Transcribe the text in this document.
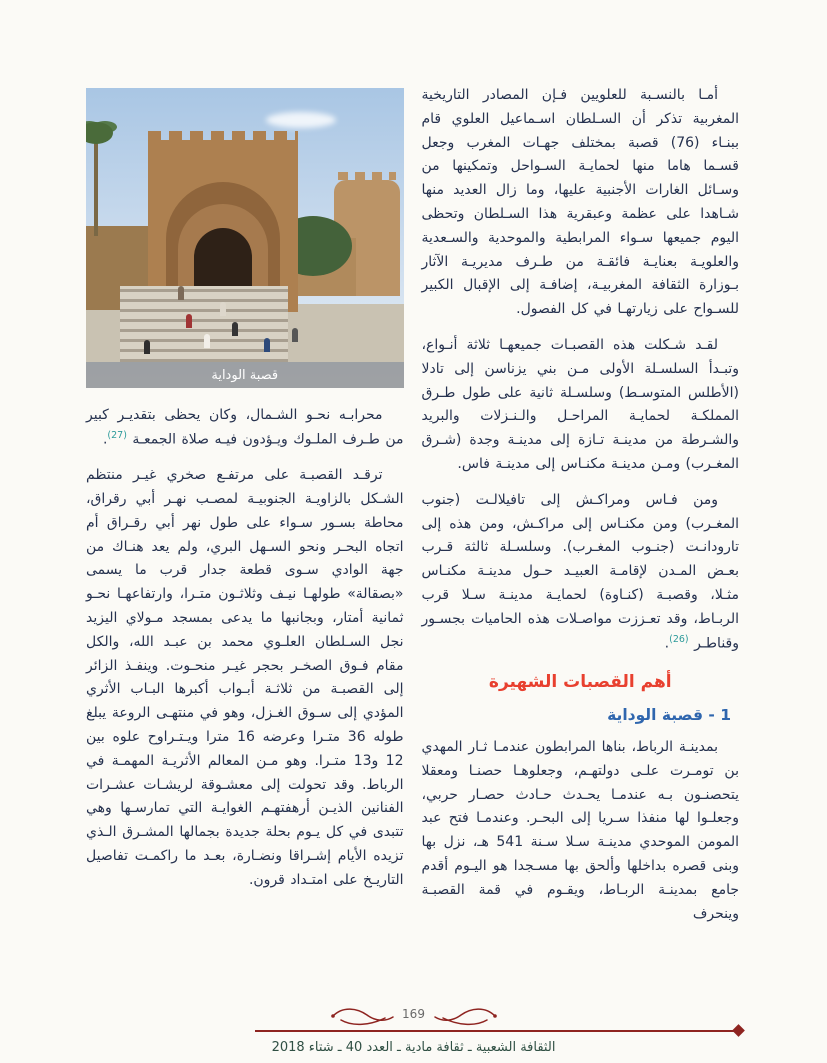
أمـا بالنسـبة للعلويين فـإن المصادر التاريخية المغربية تذكر أن السـلطان اسـماعيل العلوي قام ببنـاء (76) قصبة بمختلف جهـات المغرب وجعل قسـما هاما منها لحمايـة السـواحل وتمكينها من وسـائل الغارات الأجنبية عليها، وما زال العديد منها شـاهدا على عظمة وعبقرية هذا السـلطان وتحظى اليوم جميعها سـواء المرابطية والموحدية والسـعدية والعلويـة بعنايـة فائقـة من طـرف مديريـة الآثار بـوزارة الثقافة المغربيـة، إضافـة إلى الإقبال الكبير للسـواح على زيارتهـا في كل الفصول.

لقـد شـكلت هذه القصبـات جميعهـا ثلاثة أنـواع، وتبـدأ السلسـلة الأولى مـن بني يزناسن إلى تادلا (الأطلس المتوسـط) وسلسـلة ثانية على طول طـرق المملكـة لحمايـة المراحـل والـنـزلات والبريد والشـرطة من مدينـة تـازة إلى مدينـة وجدة (شـرق المغـرب) ومـن مدينـة مكنـاس إلى مدينـة فاس.

ومن فـاس ومراكـش إلى تافيلالـت (جنوب المغـرب) ومن مكنـاس إلى مراكـش، ومن هذه إلى تارودانـت (جنـوب المغـرب). وسلسـلة ثالثة قـرب بعـض المـدن لإقامـة العبيـد حـول مدينـة مكنـاس مثـلا، وقصبـة (كنـاوة) لحمايـة مدينـة سـلا قرب الربـاط، وقد تعـززت مواصـلات هذه الحاميات بجسـور وقناطـر $^{(26)}$.

أهم القصبات الشهيرة
1 - قصبة الوداية

بمدينـة الرباط، بناها المرابطون عندمـا ثـار المهدي بن تومـرت علـى دولتهـم، وجعلوهـا حصنـا ومعقلا يتحصنـون بـه عندمـا يحـدث حـادث حصـار حربي، وجعلـوا لها منفذا سـريا إلى البحـر. وعندمـا فتح عبد المومن الموحدي مدينـة سـلا سـنة 541 هـ، نزل بها وبنى قصره بداخلها وألحق بها مسـجدا هو اليـوم أقدم جامع بمدينـة الربـاط، ويقـوم في قمة القصبـة وينحرف

قصبة الوداية

محرابـه نحـو الشـمال، وكان يحظى بتقديـر كبير من طـرف الملـوك ويـؤدون فيـه صلاة الجمعـة $^{(27)}$.

ترقـد القصبـة على مرتفـع صخري غيـر منتظم الشـكل بالزاويـة الجنوبيـة لمصـب نهـر أبي رقراق، محاطة بسـور سـواء على طول نهر أبي رقـراق أم اتجاه البحـر ونحو السـهل البري، ولم يعد هنـاك من جهة الوادي سـوى قطعة جدار قرب ما يسمى «بصقالة» طولهـا نيـف وثلاثـون متـرا، وارتفاعهـا نحـو ثمانية أمتار، وبجانبها ما يدعى بمسجد مـولاي اليزيد نجل السـلطان العلـوي محمد بن عبـد الله، والكل مقام فـوق الصخـر بحجر غيـر منحـوت. وينفـذ الزائر إلى القصبـة من ثلاثـة أبـواب أكبرها البـاب الأثري المؤدي إلى سـوق الغـزل، وهو في منتهـى الروعة يبلغ طوله 36 متـرا وعرضه 16 مترا ويـتـراوح علوه بين 12 و13 متـرا. وهو مـن المعالم الأثريـة المهمـة في الرباط. وقد تحولت إلى معشـوقة لريشـات عشـرات الفنانين الذيـن أرهفتهـم الغوايـة التي تمارسـها وهي تتبدى في كل يـوم بحلة جديدة بجمالها المشـرق الـذي تزيده الأيام إشـراقا ونضـارة، بعـد ما راكمـت تفاصيل التاريـخ على امتـداد قرون.

169
الثقافة الشعبية ـ ثقافة مادية ـ العدد 40 ـ شتاء 2018
